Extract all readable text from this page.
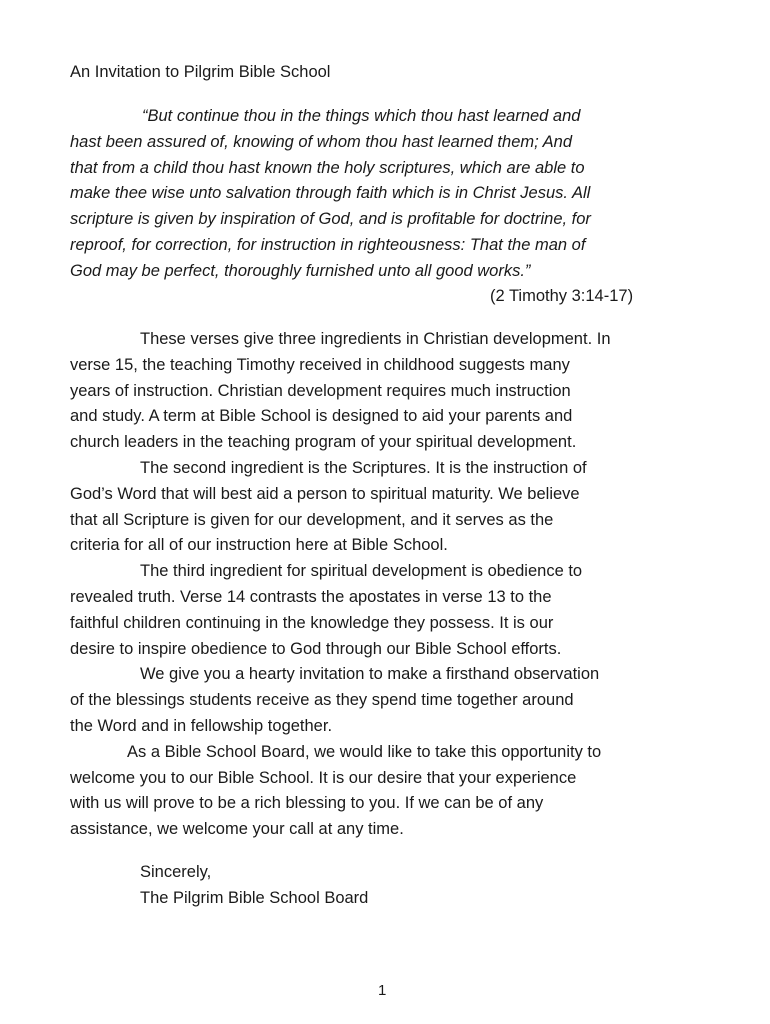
An Invitation to Pilgrim Bible School
“But continue thou in the things which thou hast learned and
hast been assured of, knowing of whom thou hast learned them; And
that from a child thou hast known the holy scriptures, which are able to
make thee wise unto salvation through faith which is in Christ Jesus. All
scripture is given by inspiration of God, and is profitable for doctrine, for
reproof, for correction, for instruction in righteousness: That the man of
God may be perfect, thoroughly furnished unto all good works.”
(2 Timothy 3:14-17)
These verses give three ingredients in Christian development. In
verse 15, the teaching Timothy received in childhood suggests many
years of instruction. Christian development requires much instruction
and study. A term at Bible School is designed to aid your parents and
church leaders in the teaching program of your spiritual development.
The second ingredient is the Scriptures. It is the instruction of
God’s Word that will best aid a person to spiritual maturity. We believe
that all Scripture is given for our development, and it serves as the
criteria for all of our instruction here at Bible School.
The third ingredient for spiritual development is obedience to
revealed truth. Verse 14 contrasts the apostates in verse 13 to the
faithful children continuing in the knowledge they possess. It is our
desire to inspire obedience to God through our Bible School efforts.
We give you a hearty invitation to make a firsthand observation
of the blessings students receive as they spend time together around
the Word and in fellowship together.
As a Bible School Board, we would like to take this opportunity to
welcome you to our Bible School. It is our desire that your experience
with us will prove to be a rich blessing to you. If we can be of any
assistance, we welcome your call at any time.
Sincerely,
The Pilgrim Bible School Board
1
